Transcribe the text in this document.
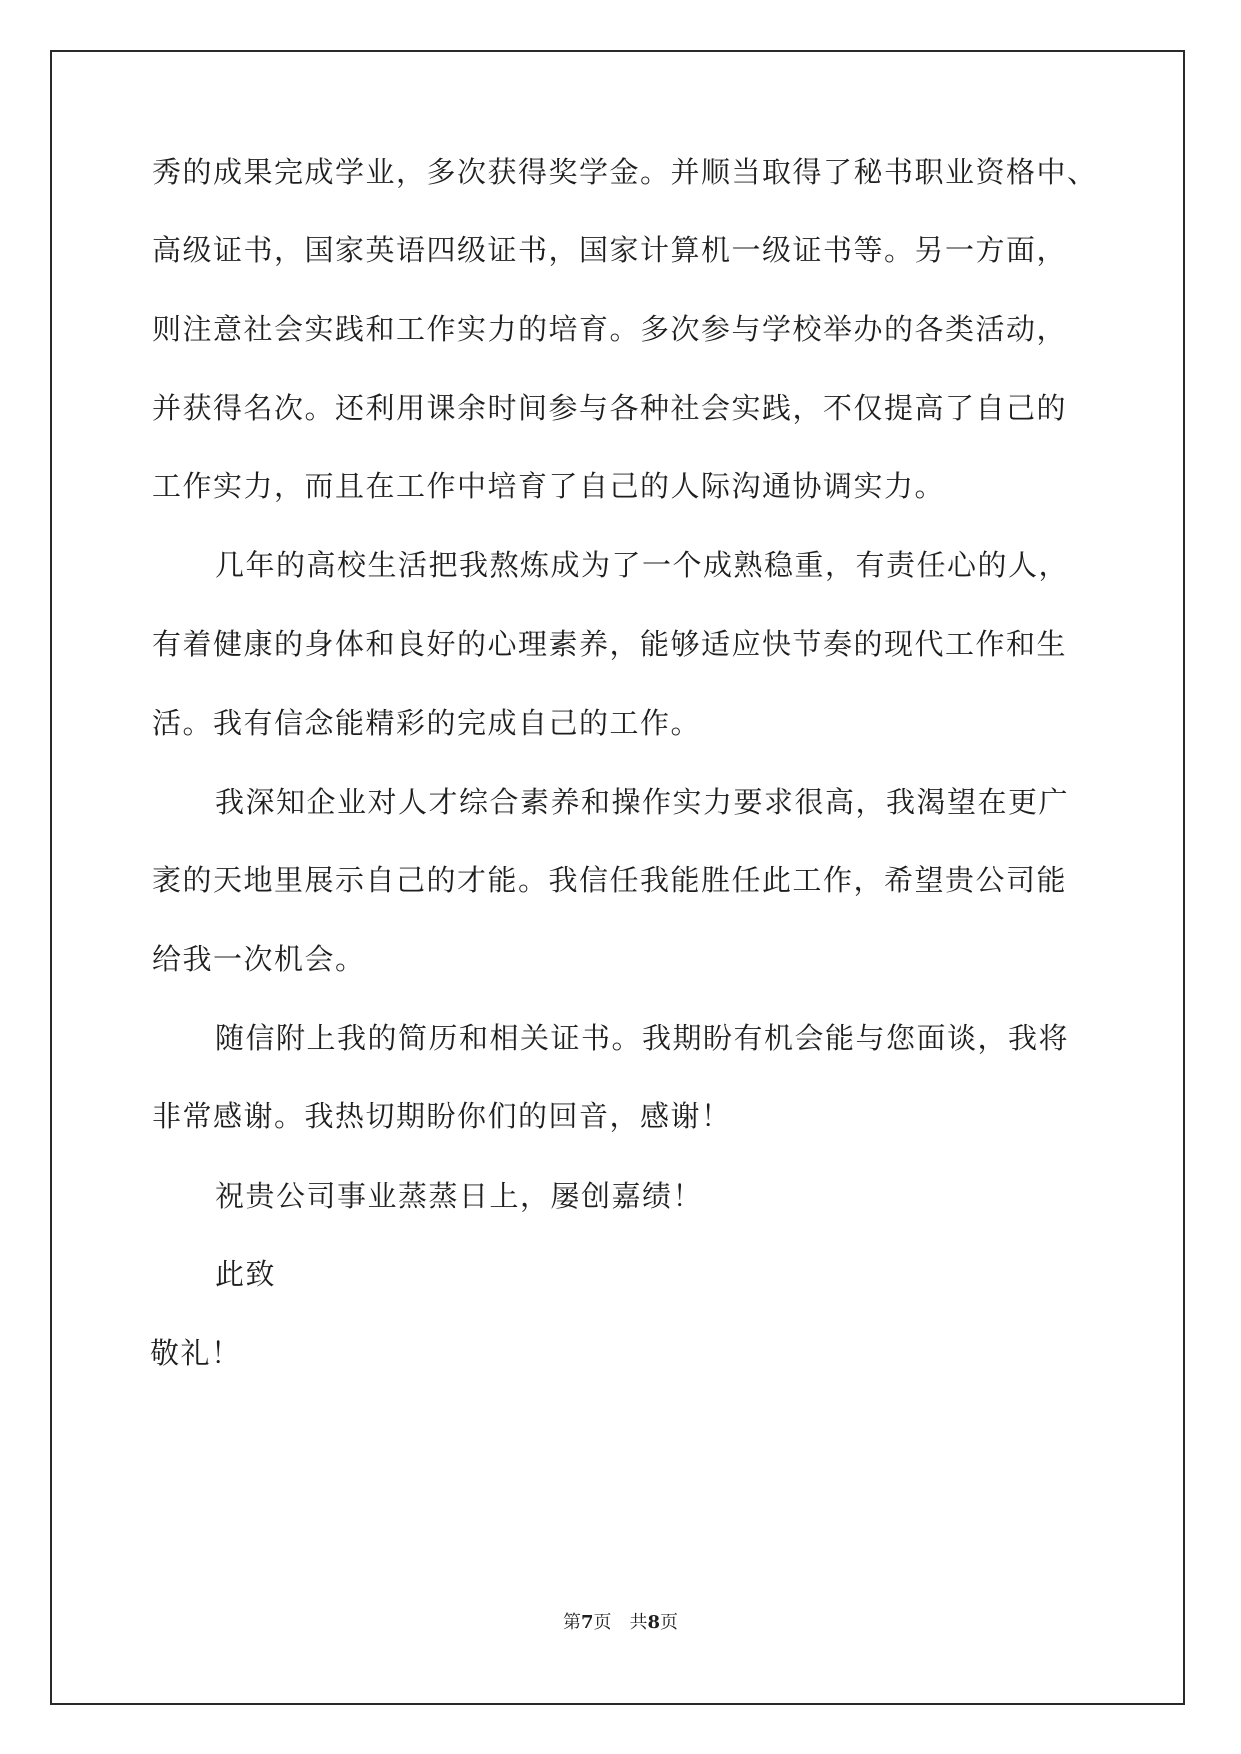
秀的成果完成学业，多次获得奖学金。并顺当取得了秘书职业资格中、
高级证书，国家英语四级证书，国家计算机一级证书等。另一方面，
则注意社会实践和工作实力的培育。多次参与学校举办的各类活动，
并获得名次。还利用课余时间参与各种社会实践，不仅提高了自己的
工作实力，而且在工作中培育了自己的人际沟通协调实力。
几年的高校生活把我熬炼成为了一个成熟稳重，有责任心的人，
有着健康的身体和良好的心理素养，能够适应快节奏的现代工作和生
活。我有信念能精彩的完成自己的工作。
我深知企业对人才综合素养和操作实力要求很高，我渴望在更广
袤的天地里展示自己的才能。我信任我能胜任此工作，希望贵公司能
给我一次机会。
随信附上我的简历和相关证书。我期盼有机会能与您面谈，我将
非常感谢。我热切期盼你们的回音，感谢！
祝贵公司事业蒸蒸日上，屡创嘉绩！
此致
敬礼！
第7页 共8页
